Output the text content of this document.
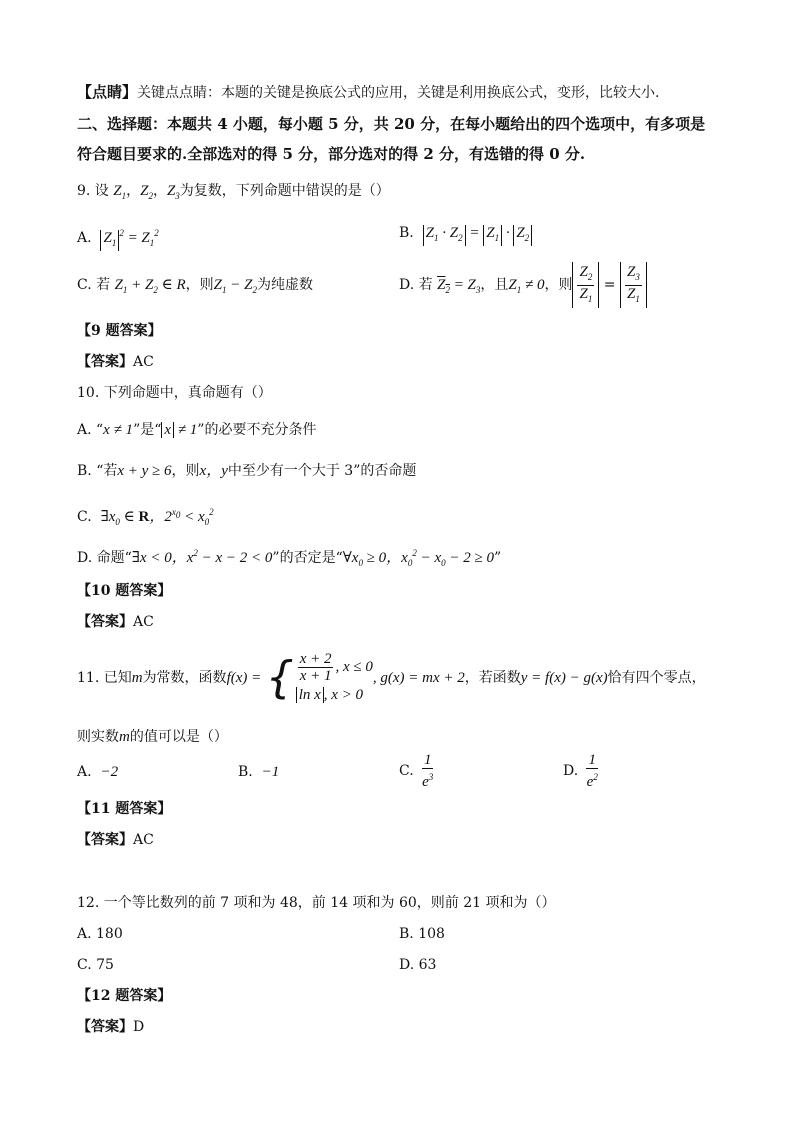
【点睛】关键点点睛：本题的关键是换底公式的应用，关键是利用换底公式，变形，比较大小.
二、选择题：本题共 4 小题，每小题 5 分，共 20 分，在每小题给出的四个选项中，有多项是
符合题目要求的.全部选对的得 5 分，部分选对的得 2 分，有选错的得 0 分.
9. 设 $Z_1$，$Z_2$，$Z_3$为复数，下列命题中错误的是（）
A. $Z_1^2 = Z_1^2$	B. $Z_1 \cdot Z_2 = Z_1 \cdot Z_2$
C. 若 $Z_1 + Z_2$ ∈ R，则$Z_1 - Z_2$为纯虚数	D. 若 $Z_2 = Z_3$，且$Z_1 \ne 0$，则 $\frac{Z_2}{Z_1} = \frac{Z_3}{Z_1}$
【9 题答案】
【答案】AC
10. 下列命题中，真命题有（）
A. “x ≠ 1”是“ x ≠ 1”的必要不充分条件
B. “若x + y ≥ 6，则x，y中至少有一个大于 3”的否命题
C. $\exists x_0$ ∈ R，$2^{x_0} < x_0^2$
D. 命题“∃x < 0，$x^2 - x - 2 < 0$”的否定是“$\forall x_0 \ge 0$，$x_0^2 - x_0 - 2 \ge 0$”
【10 题答案】
【答案】AC
11. 已知m为常数，函数f(x) = { $\frac{x + 2}{x + 1}$ , x ≤ 0
ln x , x > 0
, g(x) = mx + 2，若函数y = f(x) − g(x)恰有四个零点，
则实数m的值可以是（）
A. −2	B. −1	C. $\frac{1}{e^3}$	D. $\frac{1}{e^2}$
【11 题答案】
【答案】AC
12. 一个等比数列的前 7 项和为 48，前 14 项和为 60，则前 21 项和为（）
A. 180	B. 108
C. 75	D. 63
【12 题答案】
【答案】D
